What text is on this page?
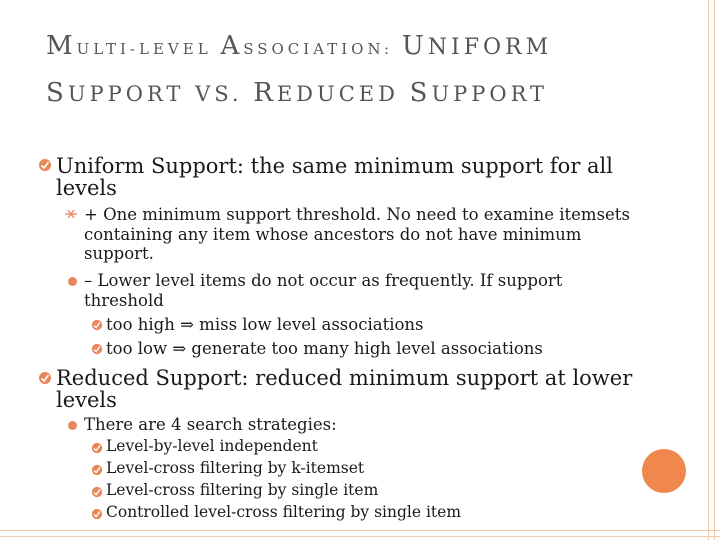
MULTI-LEVEL ASSOCIATION: UNIFORM
SUPPORT VS. REDUCED SUPPORT
Uniform Support: the same minimum support for all levels
+ One minimum support threshold. No need to examine itemsets containing any item whose ancestors do not have minimum support.
– Lower level items do not occur as frequently. If support threshold
too high ⇒ miss low level associations
too low ⇒ generate too many high level associations
Reduced Support: reduced minimum support at lower levels
There are 4 search strategies:
Level-by-level independent
Level-cross filtering by k-itemset
Level-cross filtering by single item
Controlled level-cross filtering by single item
